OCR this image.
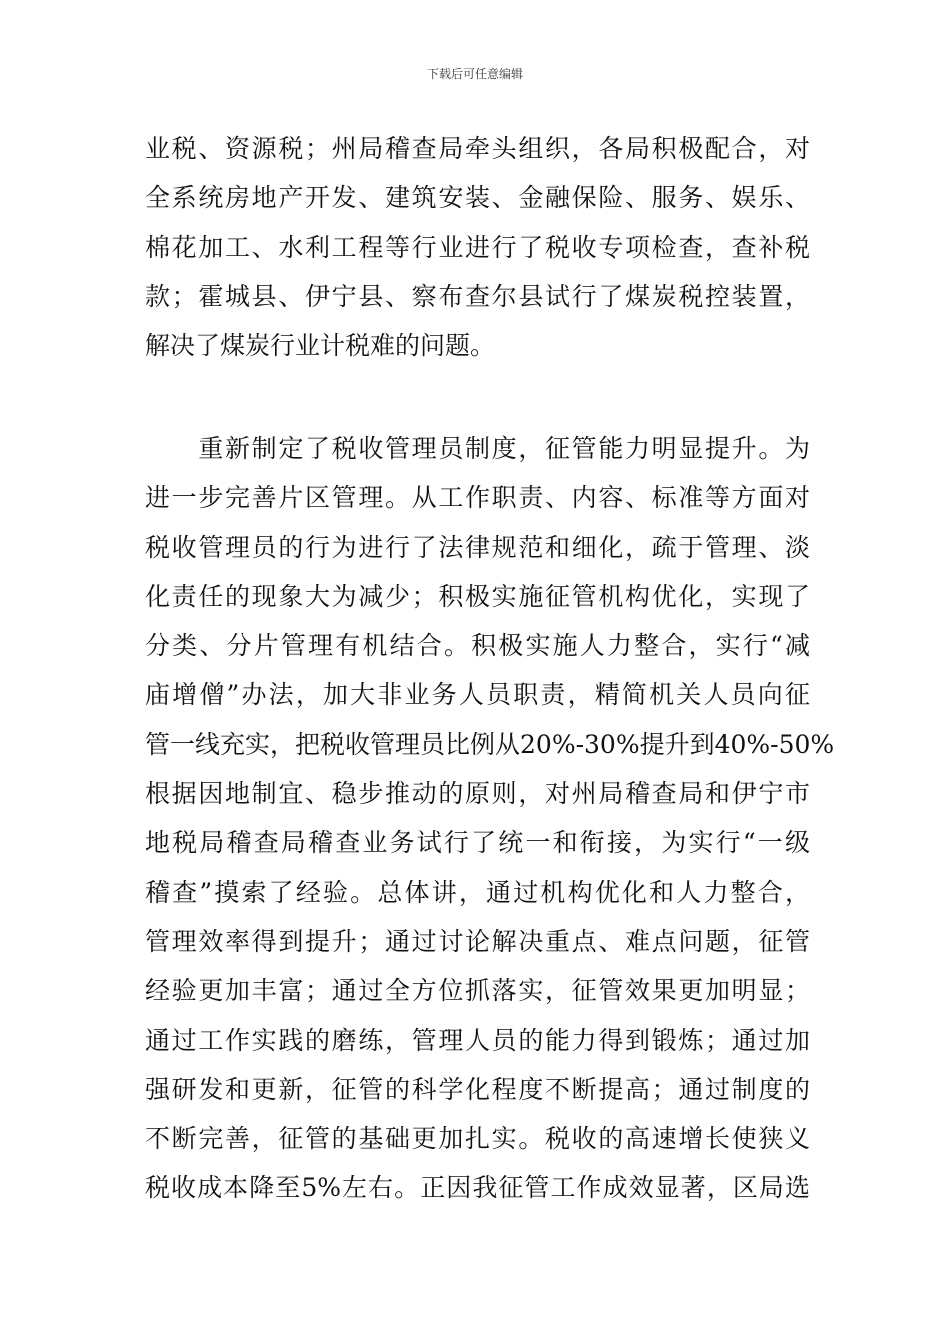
下载后可任意编辑
业税、资源税；州局稽查局牵头组织，各局积极配合，对
全系统房地产开发、建筑安装、金融保险、服务、娱乐、
棉花加工、水利工程等行业进行了税收专项检查，查补税
款；霍城县、伊宁县、察布查尔县试行了煤炭税控装置，
解决了煤炭行业计税难的问题。
　　重新制定了税收管理员制度，征管能力明显提升。为
进一步完善片区管理。从工作职责、内容、标准等方面对
税收管理员的行为进行了法律规范和细化，疏于管理、淡
化责任的现象大为减少；积极实施征管机构优化，实现了
分类、分片管理有机结合。积极实施人力整合，实行“减
庙增僧”办法，加大非业务人员职责，精简机关人员向征
管一线充实，把税收管理员比例从20%-30%提升到40%-50%
根据因地制宜、稳步推动的原则，对州局稽查局和伊宁市
地税局稽查局稽查业务试行了统一和衔接，为实行“一级
稽查”摸索了经验。总体讲，通过机构优化和人力整合，
管理效率得到提升；通过讨论解决重点、难点问题，征管
经验更加丰富；通过全方位抓落实，征管效果更加明显；
通过工作实践的磨练，管理人员的能力得到锻炼；通过加
强研发和更新，征管的科学化程度不断提高；通过制度的
不断完善，征管的基础更加扎实。税收的高速增长使狭义
税收成本降至5%左右。正因我征管工作成效显著，区局选
